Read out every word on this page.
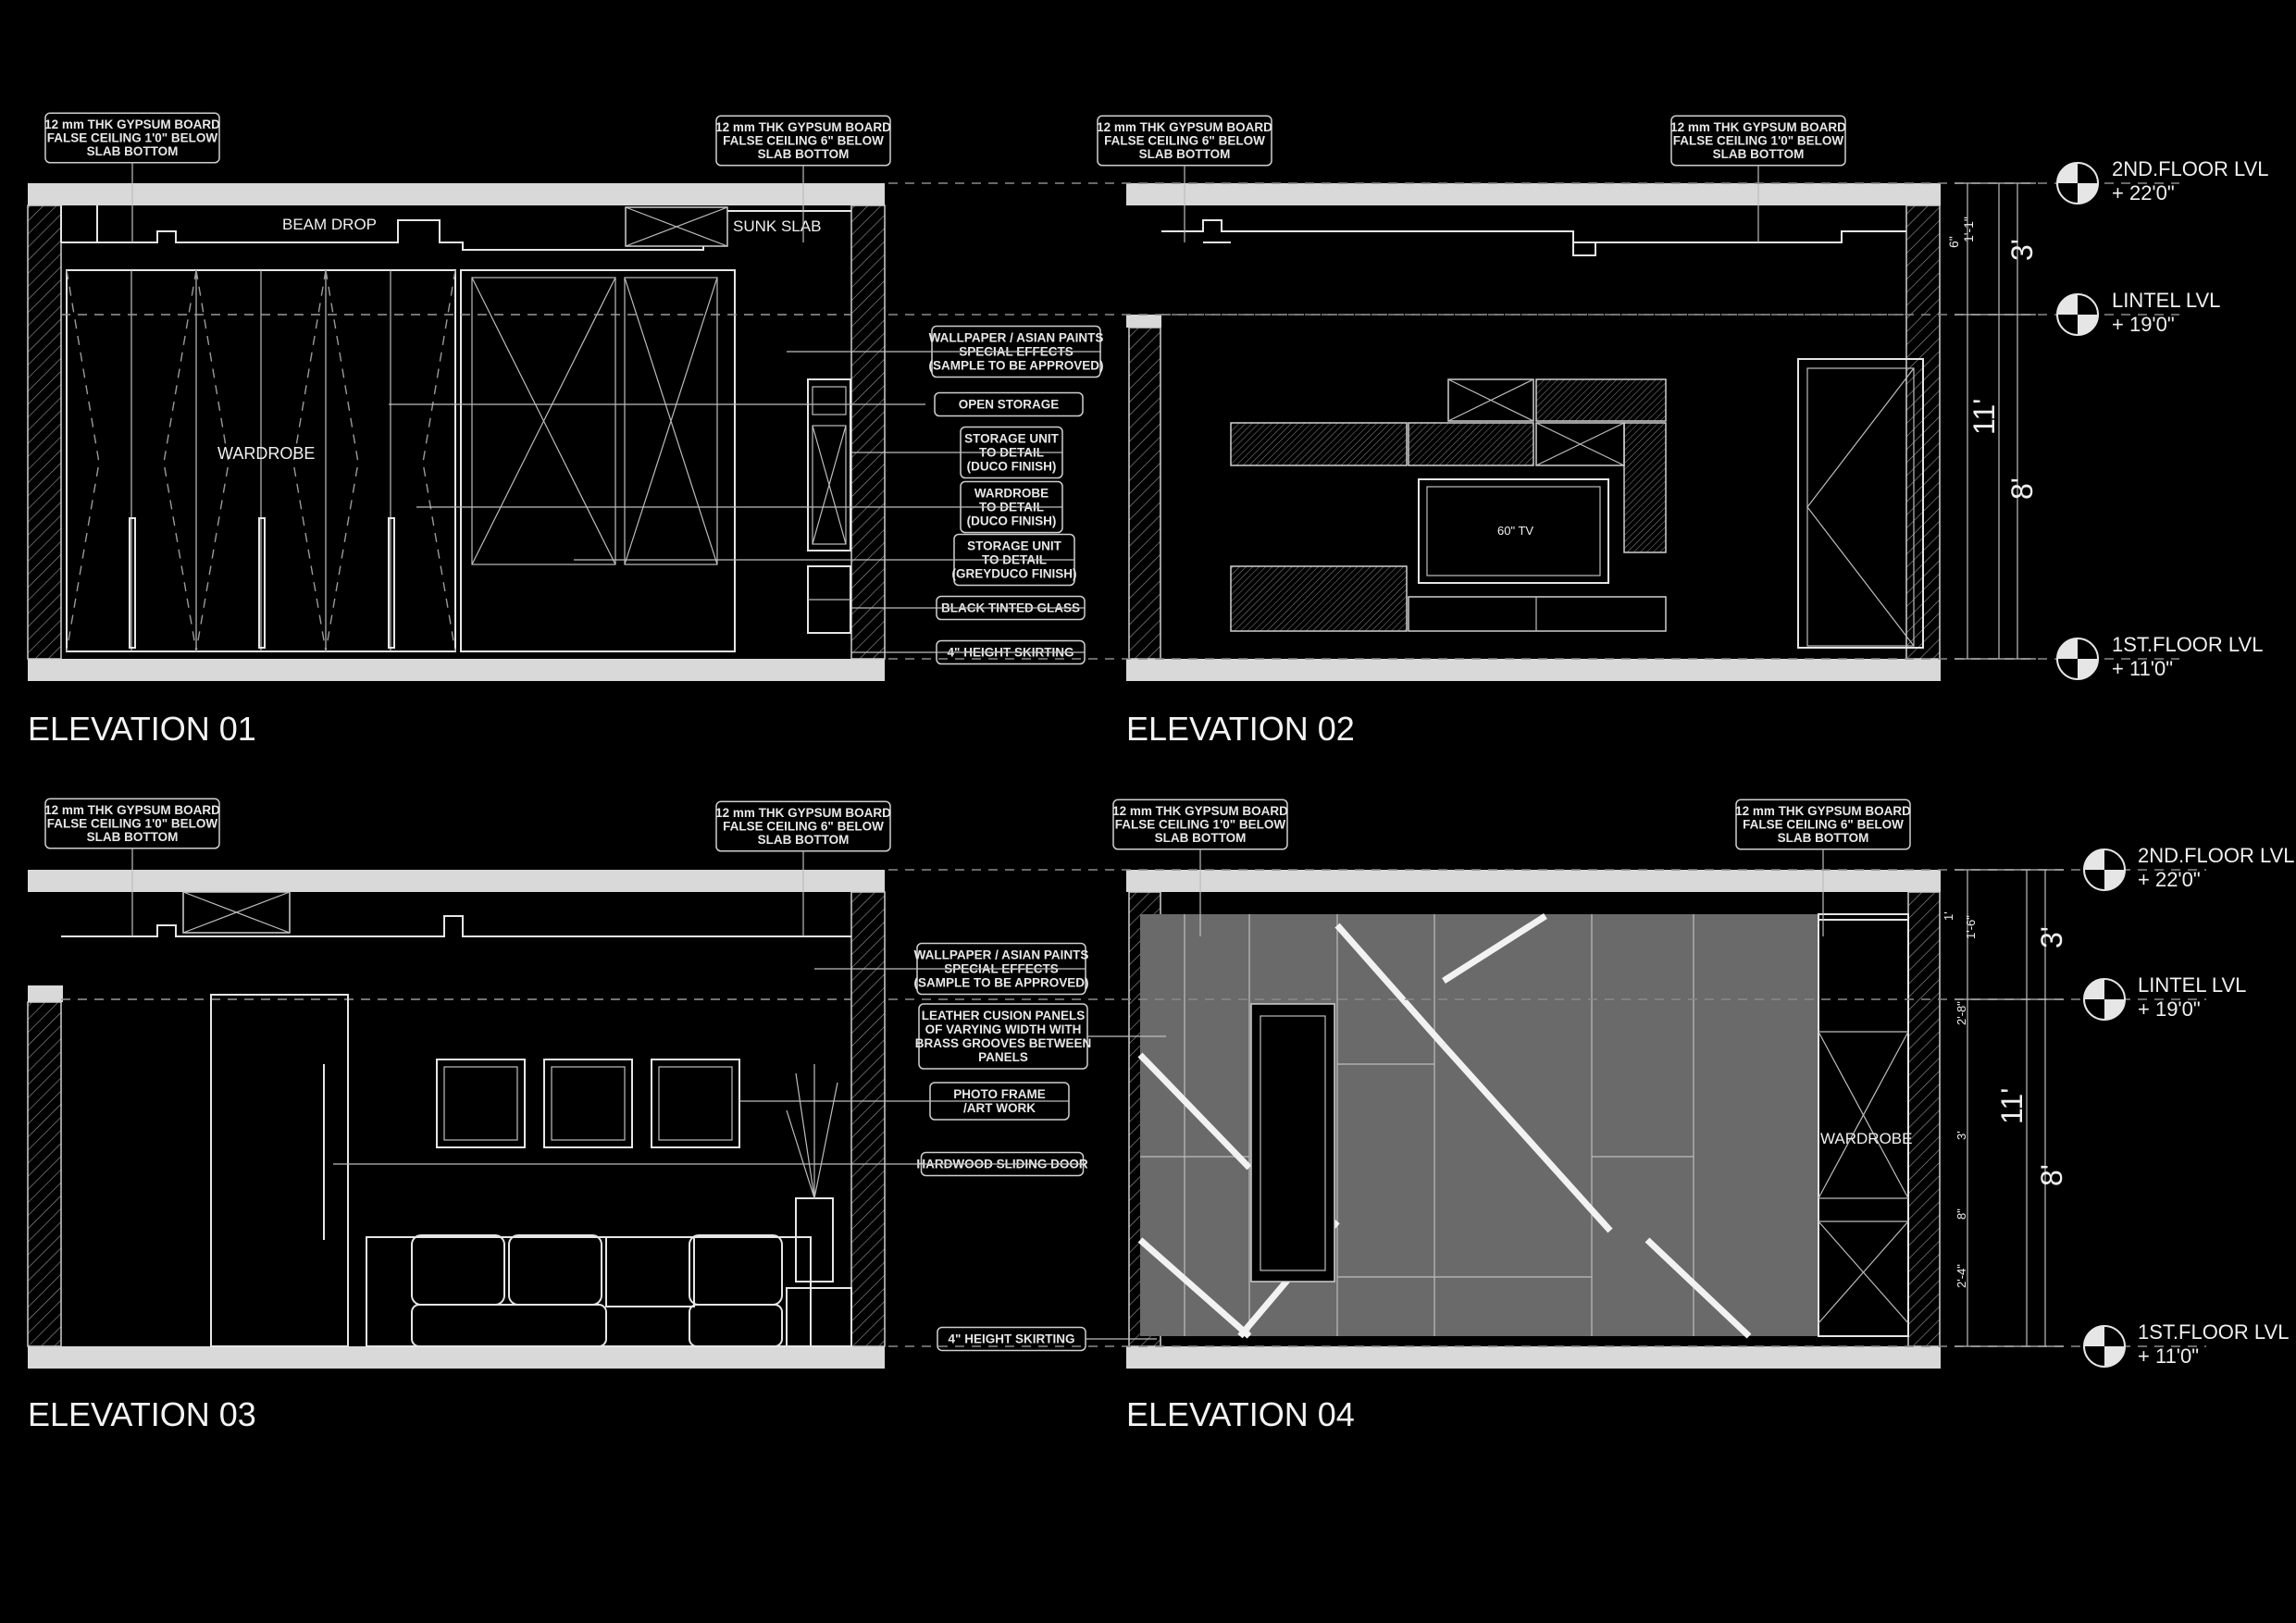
BEAM DROP	SUNK SLAB
WARDROBE
ELEVATION 01
60" TV
ELEVATION 02
ELEVATION 03
WARDROBE
ELEVATION 04
12 mm THK GYPSUM BOARD FALSE CEILING 1'0" BELOW SLAB BOTTOM
12 mm THK GYPSUM BOARD FALSE CEILING 6" BELOW SLAB BOTTOM
12 mm THK GYPSUM BOARD FALSE CEILING 6" BELOW SLAB BOTTOM
12 mm THK GYPSUM BOARD FALSE CEILING 1'0" BELOW SLAB BOTTOM
12 mm THK GYPSUM BOARD FALSE CEILING 1'0" BELOW SLAB BOTTOM
12 mm THK GYPSUM BOARD FALSE CEILING 6" BELOW SLAB BOTTOM
12 mm THK GYPSUM BOARD FALSE CEILING 1'0" BELOW SLAB BOTTOM
12 mm THK GYPSUM BOARD FALSE CEILING 6" BELOW SLAB BOTTOM
WALLPAPER / ASIAN PAINTS SPECIAL EFFECTS (SAMPLE TO BE APPROVED)
OPEN STORAGE
STORAGE UNIT TO DETAIL (DUCO FINISH)
WARDROBE TO DETAIL (DUCO FINISH)
STORAGE UNIT TO DETAIL (GREYDUCO FINISH)
BLACK TINTED GLASS
4" HEIGHT SKIRTING
WALLPAPER / ASIAN PAINTS SPECIAL EFFECTS (SAMPLE TO BE APPROVED)
LEATHER CUSION PANELS OF VARYING WIDTH WITH BRASS GROOVES BETWEEN PANELS
PHOTO FRAME /ART WORK
HARDWOOD SLIDING DOOR
4" HEIGHT SKIRTING
2ND.FLOOR LVL
+ 22'0"
LINTEL LVL
+ 19'0"
1ST.FLOOR LVL
+ 11'0"
2ND.FLOOR LVL
+ 22'0"
LINTEL LVL
+ 19'0"
1ST.FLOOR LVL
+ 11'0"
11'
3'
8'
6" 1'-1"
11'
3'
8'
1' 1'-6"
2'-8"
3'
8"
2'-4"
